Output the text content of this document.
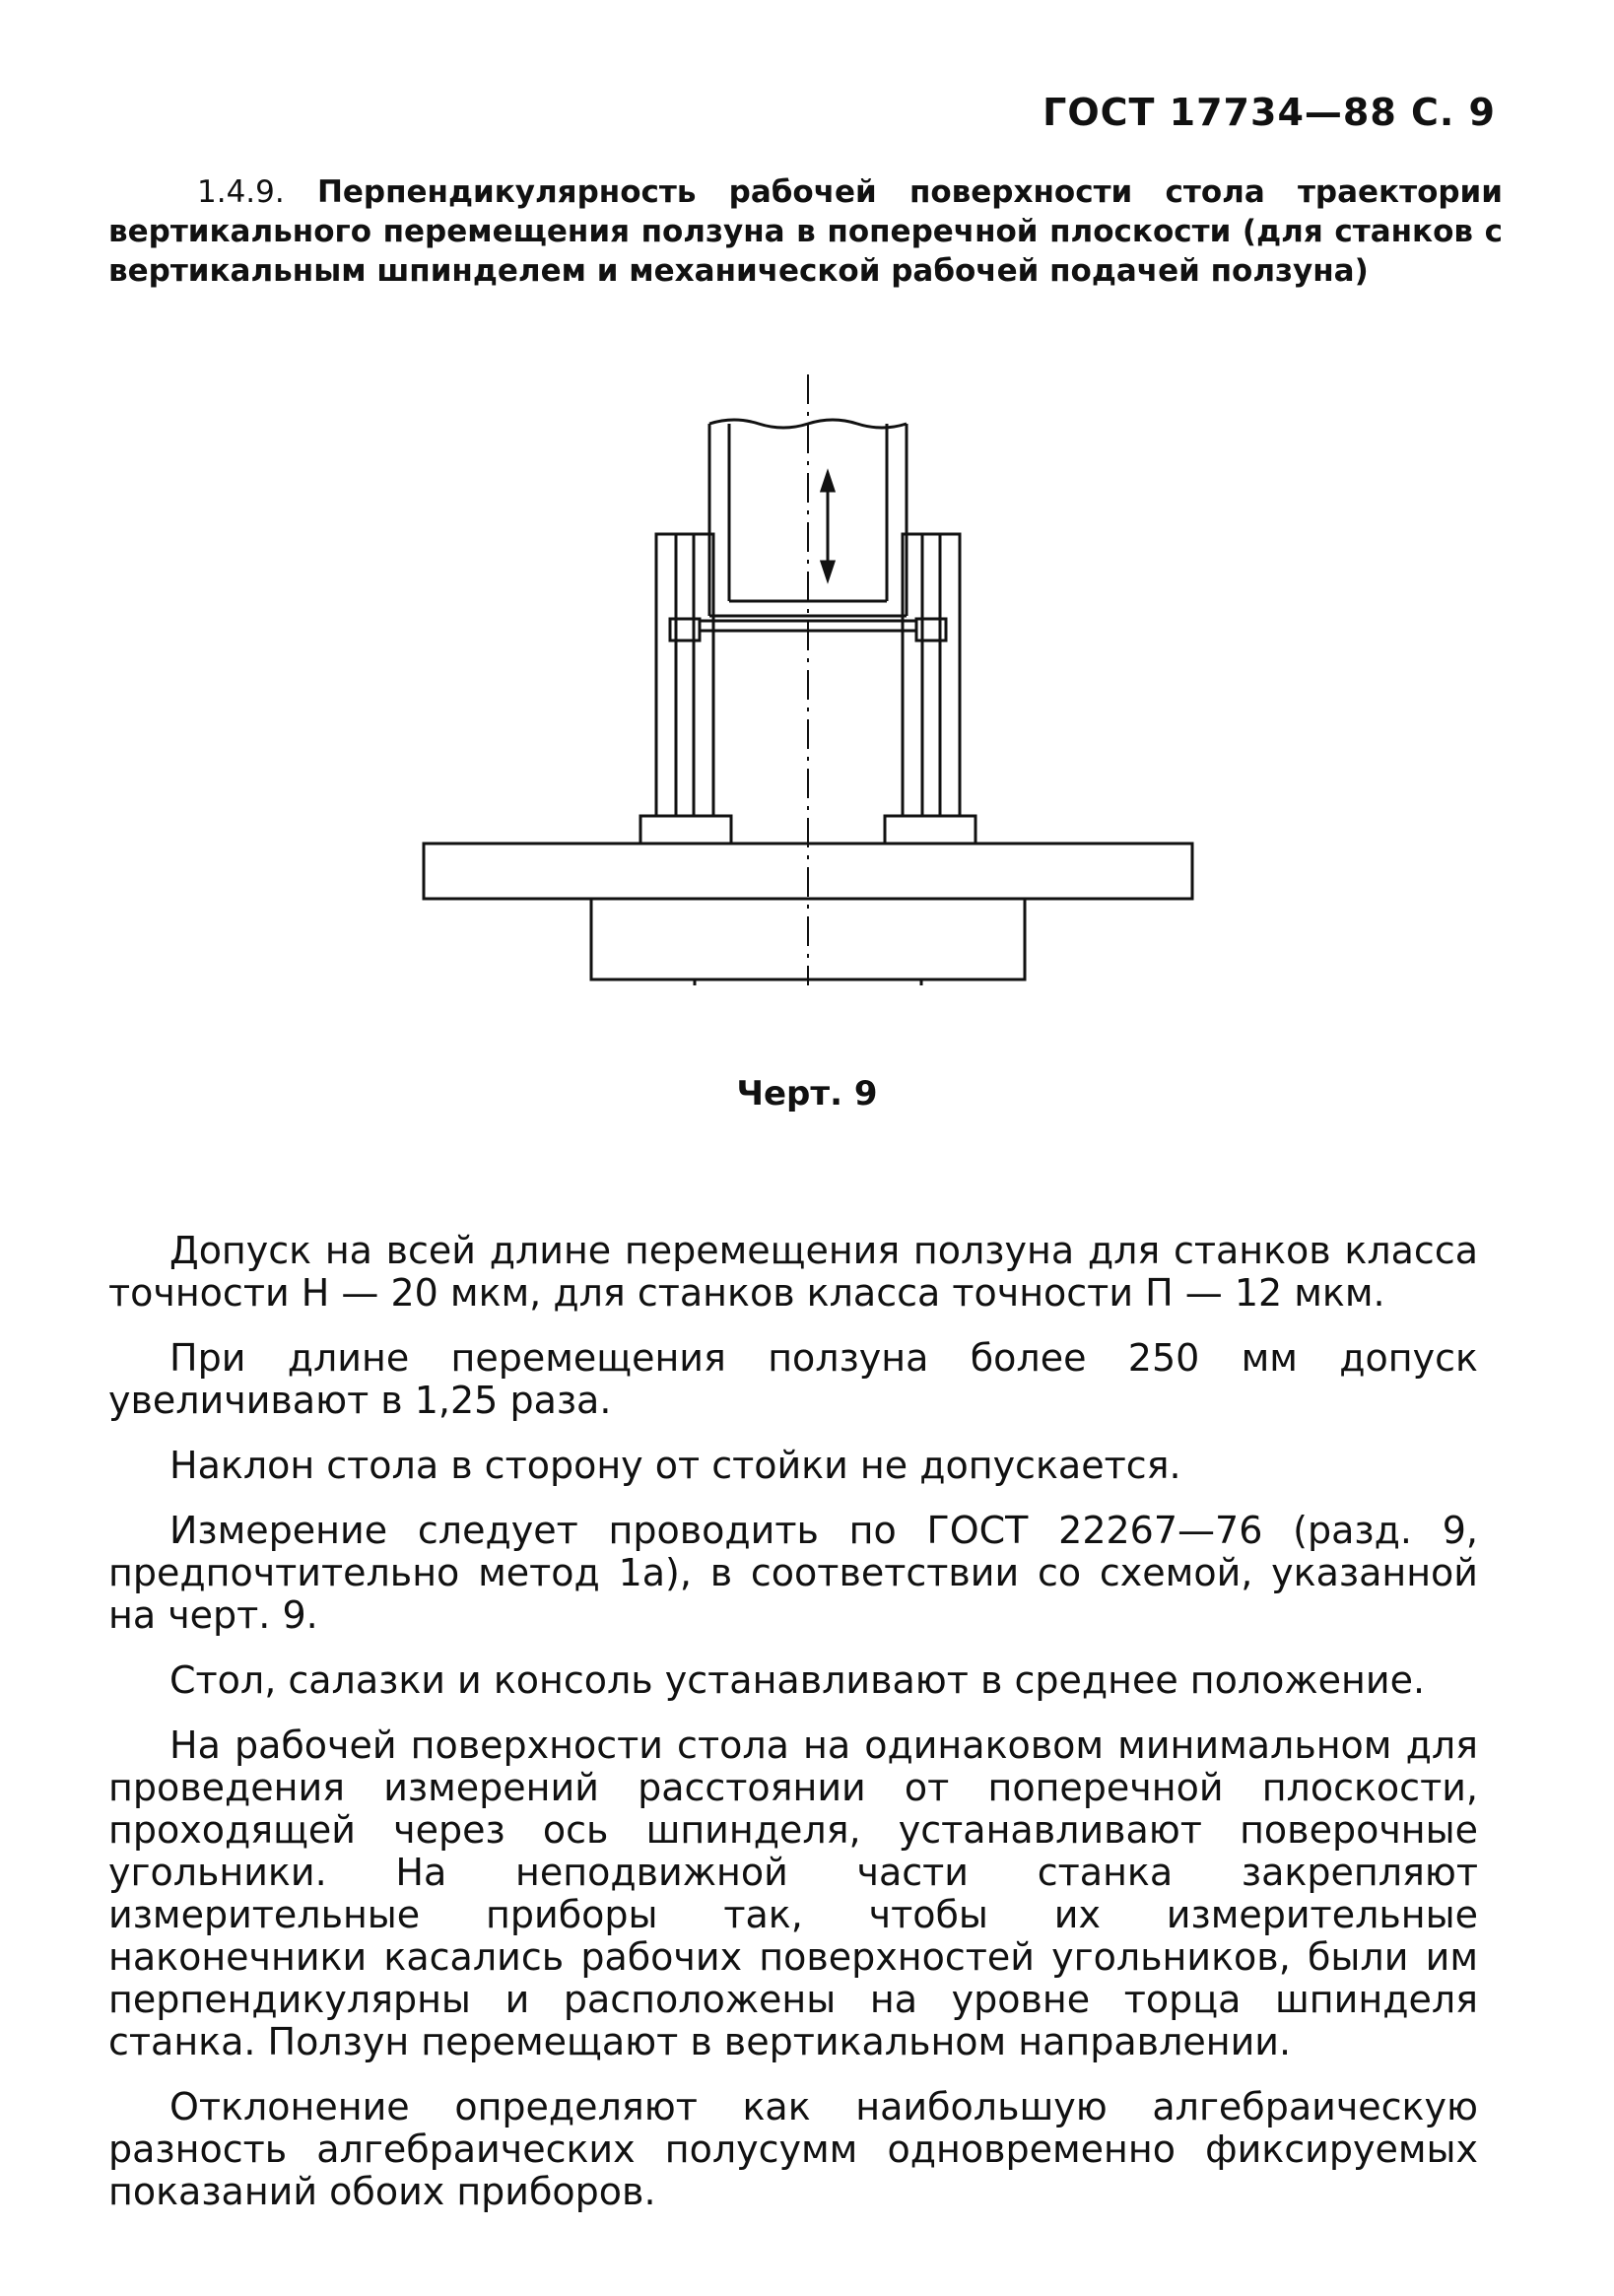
ГОСТ 17734—88 С. 9
1.4.9. Перпендикулярность рабочей поверхности стола траектории вертикального перемещения ползуна в поперечной плоскости (для станков с вертикальным шпинделем и механической рабочей подачей ползуна)
Черт. 9

Допуск на всей длине перемещения ползуна для станков класса точности Н — 20 мкм, для станков класса точности П — 12 мкм.

При длине перемещения ползуна более 250 мм допуск увеличивают в 1,25 раза.

Наклон стола в сторону от стойки не допускается.

Измерение следует проводить по ГОСТ 22267—76 (разд. 9, предпочтительно метод 1а), в соответствии со схемой, указанной на черт. 9.

Стол, салазки и консоль устанавливают в среднее положение.

На рабочей поверхности стола на одинаковом минимальном для проведения измерений расстоянии от поперечной плоскости, проходящей через ось шпинделя, устанавливают поверочные угольники. На неподвижной части станка закрепляют измерительные приборы так, чтобы их измерительные наконечники касались рабочих поверхностей угольников, были им перпендикулярны и расположены на уровне торца шпинделя станка. Ползун перемещают в вертикальном направлении.

Отклонение определяют как наибольшую алгебраическую разность алгебраических полусумм одновременно фиксируемых показаний обоих приборов.
